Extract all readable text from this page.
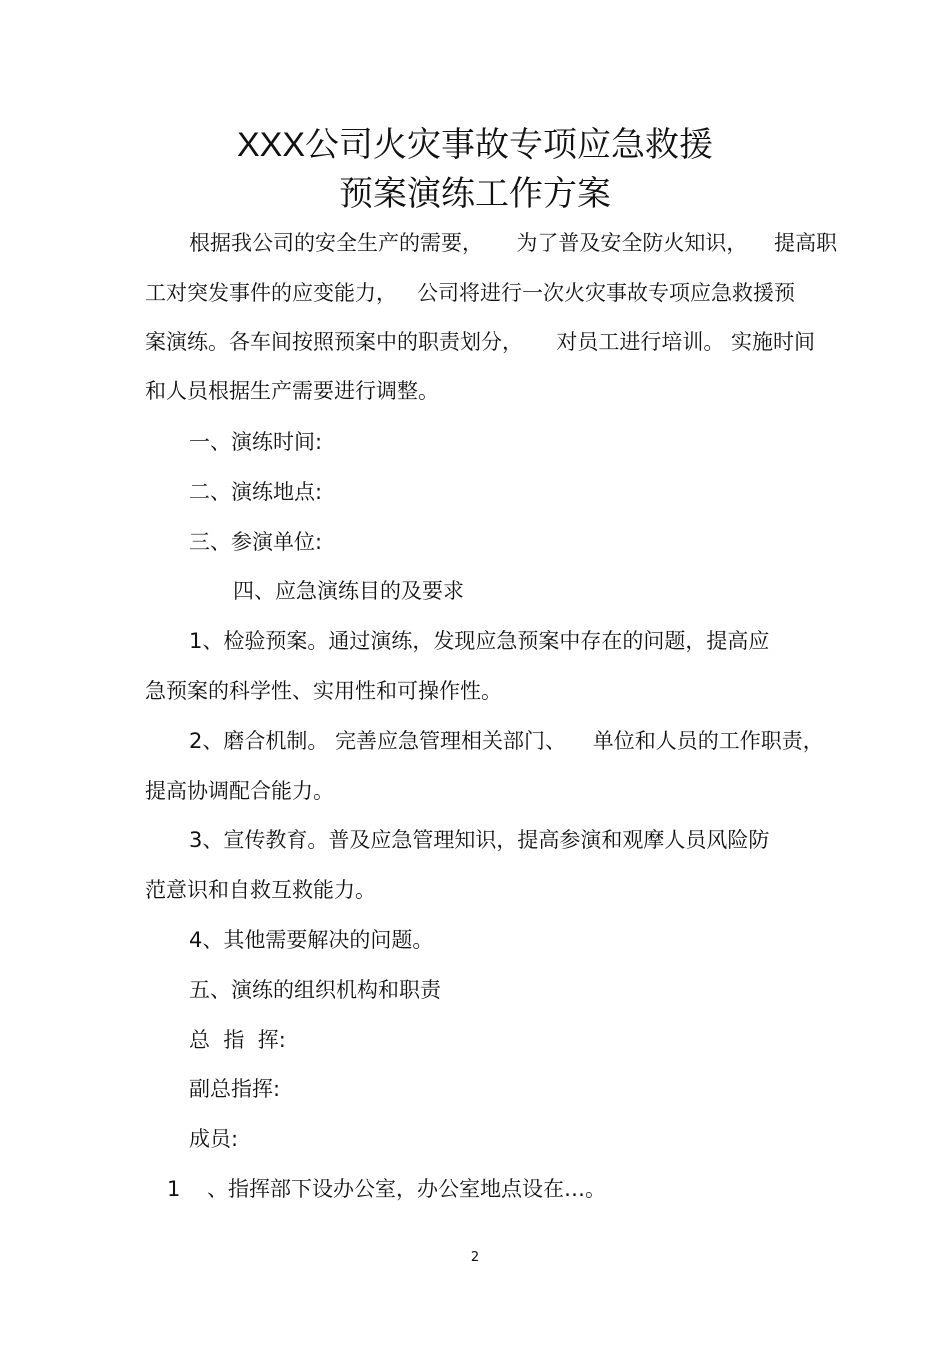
XXX公司火灾事故专项应急救援
预案演练工作方案
根据我公司的安全生产的需要，     为了普及安全防火知识，    提高职
工对突发事件的应变能力，   公司将进行一次火灾事故专项应急救援预
案演练。各车间按照预案中的职责划分，     对员工进行培训。 实施时间
和人员根据生产需要进行调整。
一、演练时间:
二、演练地点:
三、参演单位:
四、应急演练目的及要求
1、检验预案。通过演练，发现应急预案中存在的问题，提高应
急预案的科学性、实用性和可操作性。
2、磨合机制。 完善应急管理相关部门、    单位和人员的工作职责，
提高协调配合能力。
3、宣传教育。普及应急管理知识，提高参演和观摩人员风险防
范意识和自救互救能力。
4、其他需要解决的问题。
五、演练的组织机构和职责
总  指  挥:
副总指挥:
成员:
1    、指挥部下设办公室，办公室地点设在…。
2
